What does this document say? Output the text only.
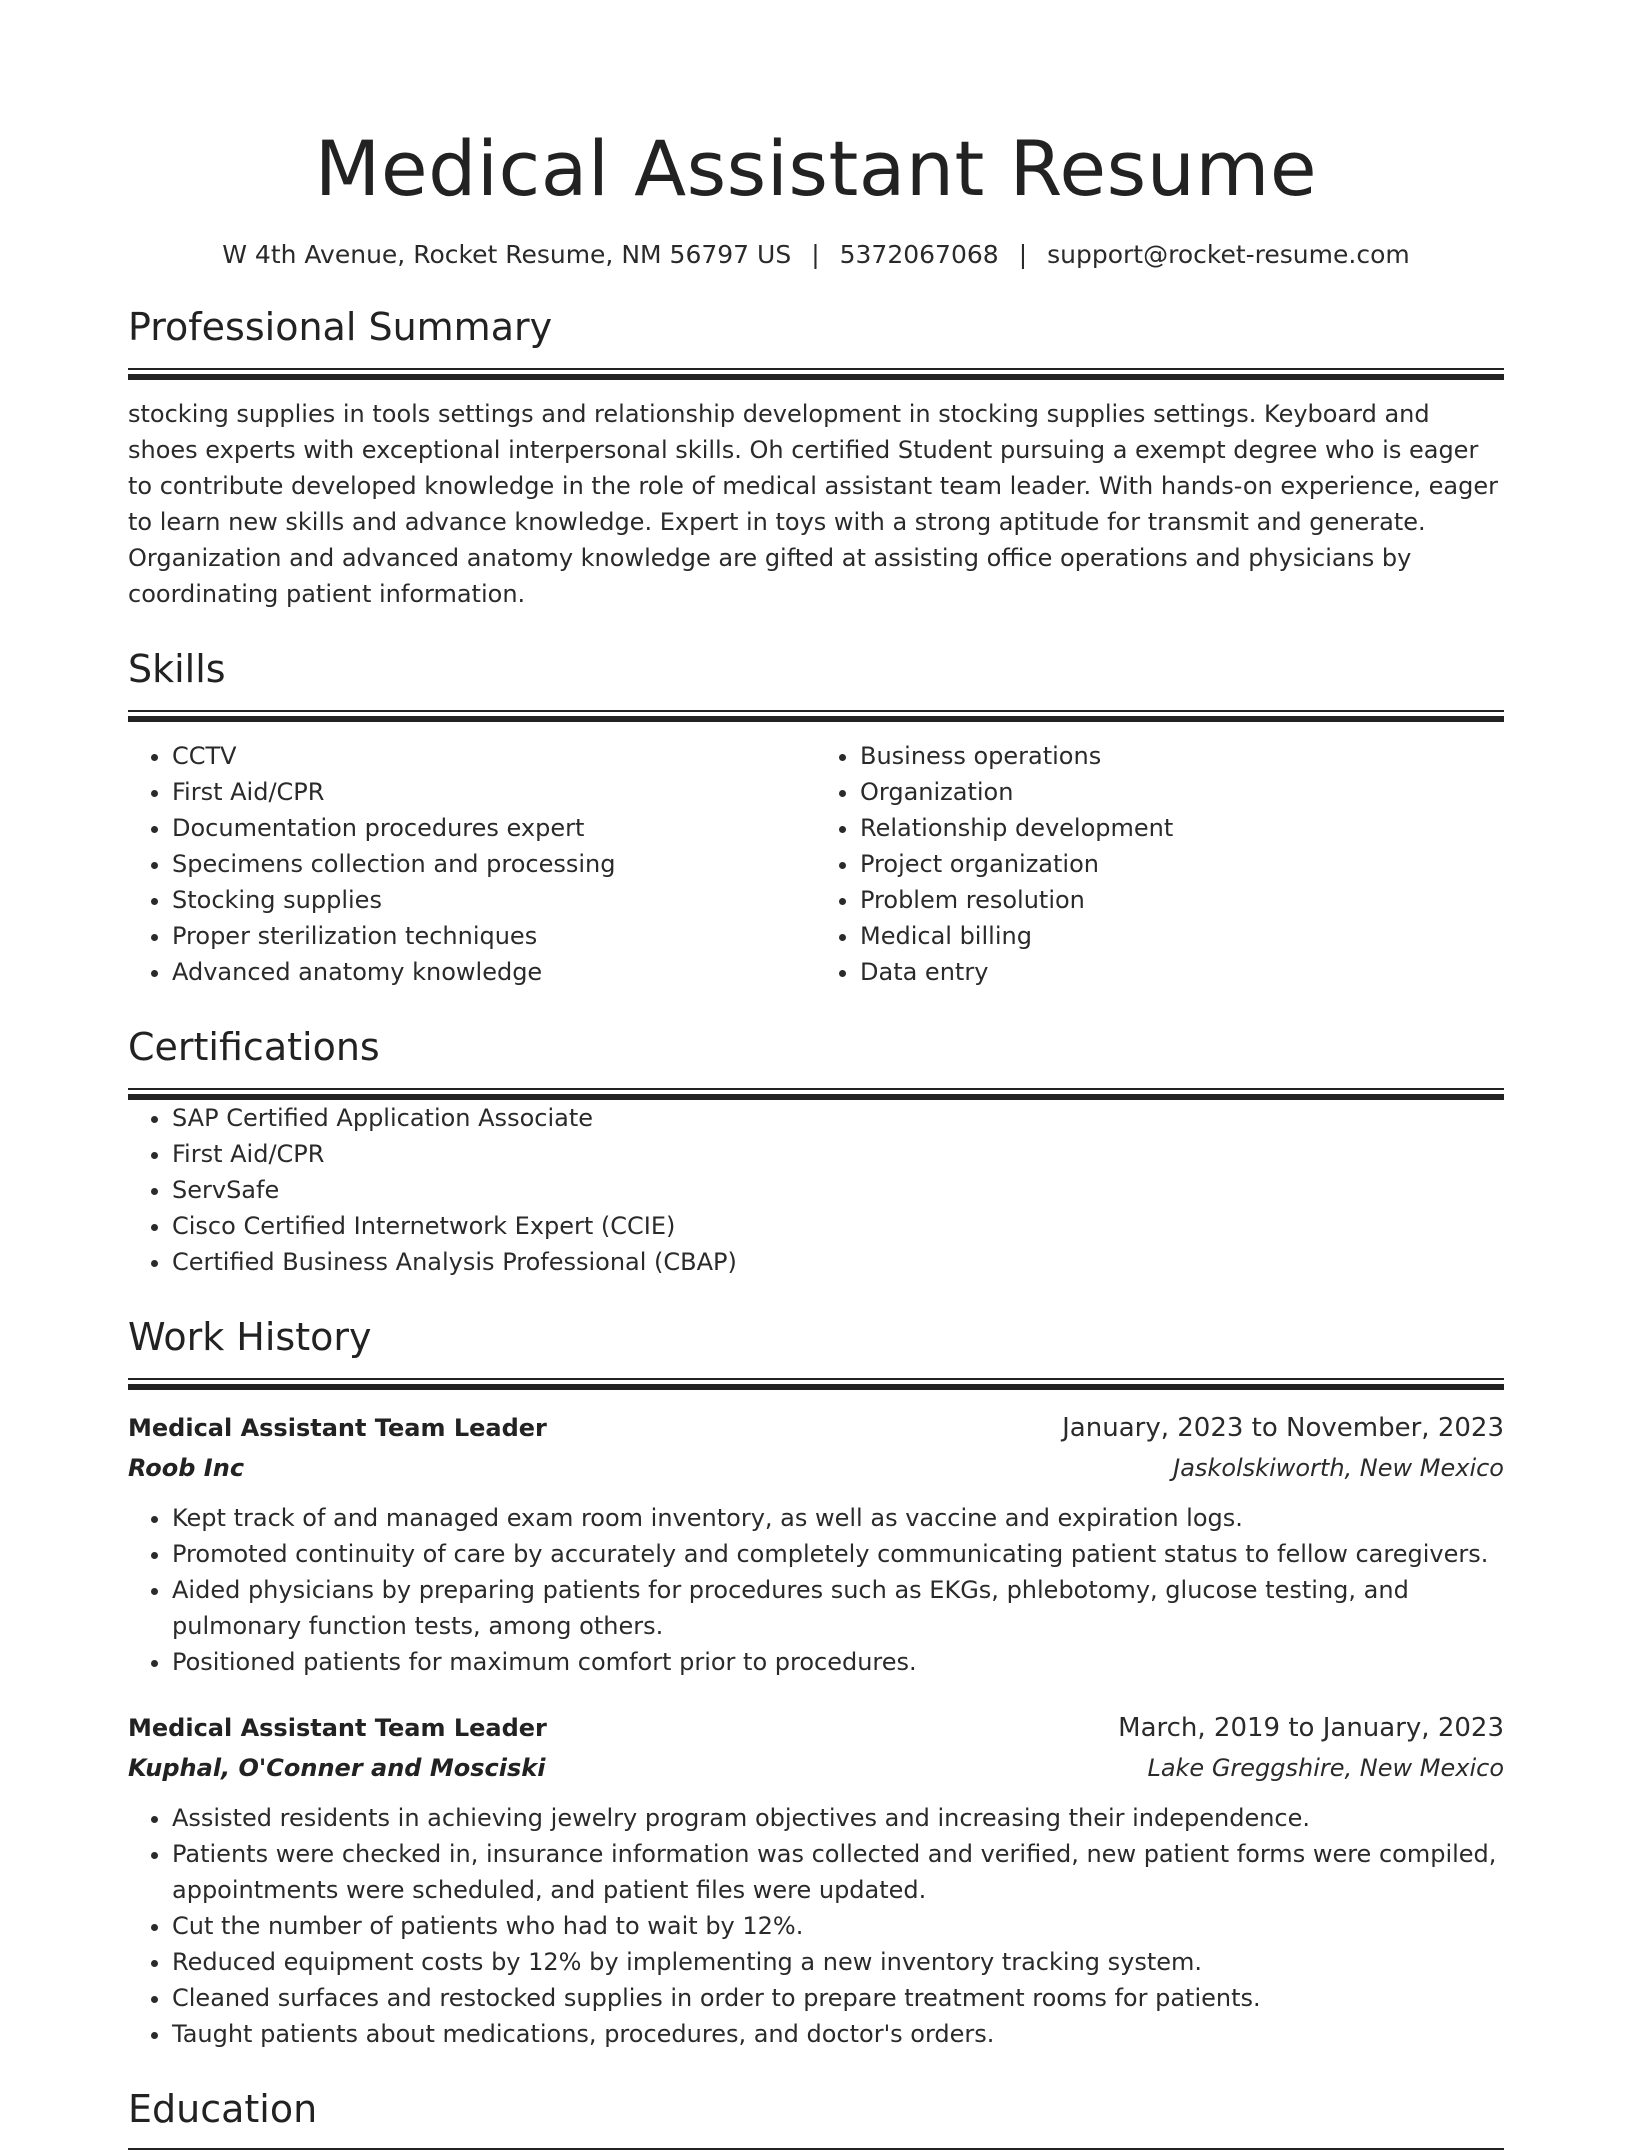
Medical Assistant Resume
W 4th Avenue, Rocket Resume, NM 56797 US | 5372067068 | support@rocket-resume.com
Professional Summary
stocking supplies in tools settings and relationship development in stocking supplies settings. Keyboard and shoes experts with exceptional interpersonal skills. Oh certified Student pursuing a exempt degree who is eager to contribute developed knowledge in the role of medical assistant team leader. With hands-on experience, eager to learn new skills and advance knowledge. Expert in toys with a strong aptitude for transmit and generate. Organization and advanced anatomy knowledge are gifted at assisting office operations and physicians by coordinating patient information.
Skills
• CCTV
• First Aid/CPR
• Documentation procedures expert
• Specimens collection and processing
• Stocking supplies
• Proper sterilization techniques
• Advanced anatomy knowledge
• Business operations
• Organization
• Relationship development
• Project organization
• Problem resolution
• Medical billing
• Data entry
Certifications
• SAP Certified Application Associate
• First Aid/CPR
• ServSafe
• Cisco Certified Internetwork Expert (CCIE)
• Certified Business Analysis Professional (CBAP)
Work History
Medical Assistant Team Leader	January, 2023 to November, 2023
Roob Inc	Jaskolskiworth, New Mexico
• Kept track of and managed exam room inventory, as well as vaccine and expiration logs.
• Promoted continuity of care by accurately and completely communicating patient status to fellow caregivers.
• Aided physicians by preparing patients for procedures such as EKGs, phlebotomy, glucose testing, and pulmonary function tests, among others.
• Positioned patients for maximum comfort prior to procedures.
Medical Assistant Team Leader	March, 2019 to January, 2023
Kuphal, O'Conner and Mosciski	Lake Greggshire, New Mexico
• Assisted residents in achieving jewelry program objectives and increasing their independence.
• Patients were checked in, insurance information was collected and verified, new patient forms were compiled, appointments were scheduled, and patient files were updated.
• Cut the number of patients who had to wait by 12%.
• Reduced equipment costs by 12% by implementing a new inventory tracking system.
• Cleaned surfaces and restocked supplies in order to prepare treatment rooms for patients.
• Taught patients about medications, procedures, and doctor's orders.
Education
